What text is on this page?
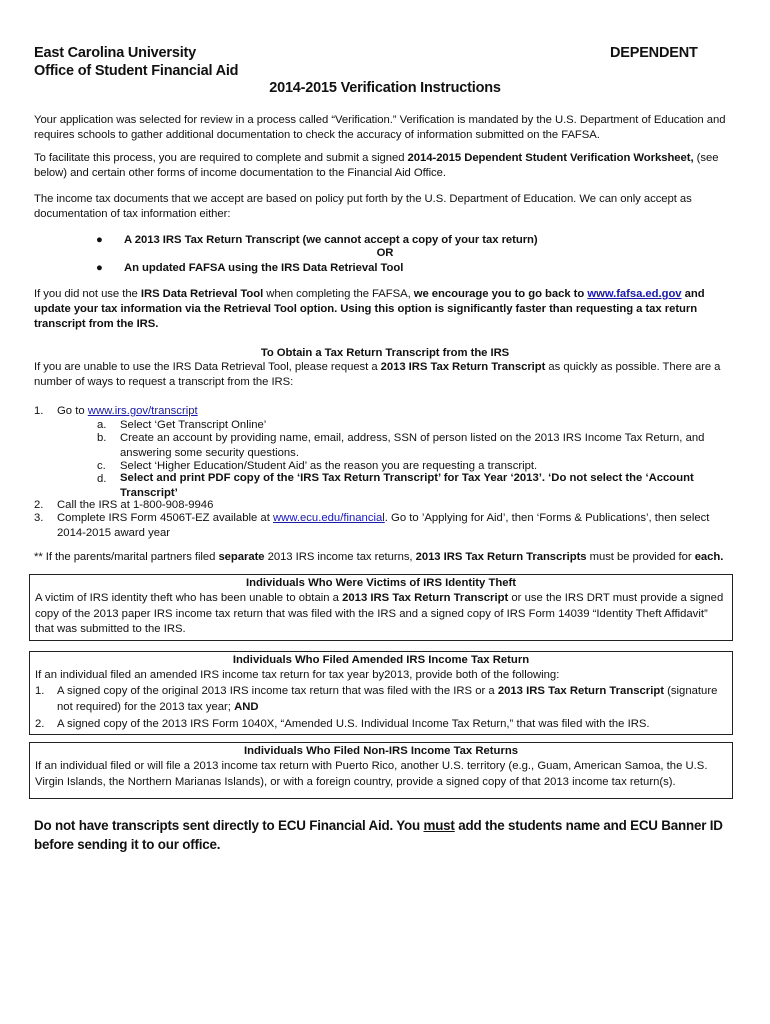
East Carolina University
Office of Student Financial Aid
DEPENDENT
2014-2015 Verification Instructions
Your application was selected for review in a process called “Verification.” Verification is mandated by the U.S. Department of Education and requires schools to gather additional documentation to check the accuracy of information submitted on the FAFSA.
To facilitate this process, you are required to complete and submit a signed 2014-2015 Dependent Student Verification Worksheet, (see below) and certain other forms of income documentation to the Financial Aid Office.
The income tax documents that we accept are based on policy put forth by the U.S. Department of Education. We can only accept as documentation of tax information either:
● A 2013 IRS Tax Return Transcript (we cannot accept a copy of your tax return)
OR
● An updated FAFSA using the IRS Data Retrieval Tool
If you did not use the IRS Data Retrieval Tool when completing the FAFSA, we encourage you to go back to www.fafsa.ed.gov and update your tax information via the Retrieval Tool option. Using this option is significantly faster than requesting a tax return transcript from the IRS.
To Obtain a Tax Return Transcript from the IRS
If you are unable to use the IRS Data Retrieval Tool, please request a 2013 IRS Tax Return Transcript as quickly as possible. There are a number of ways to request a transcript from the IRS:
1. Go to www.irs.gov/transcript
a. Select ‘Get Transcript Online’
b. Create an account by providing name, email, address, SSN of person listed on the 2013 IRS Income Tax Return, and answering some security questions.
c. Select ‘Higher Education/Student Aid’ as the reason you are requesting a transcript.
d. Select and print PDF copy of the ‘IRS Tax Return Transcript’ for Tax Year ‘2013’. ‘Do not select the ‘Account Transcript’
2. Call the IRS at 1-800-908-9946
3. Complete IRS Form 4506T-EZ available at www.ecu.edu/financial. Go to ’Applying for Aid’, then ‘Forms & Publications’, then select 2014-2015 award year
** If the parents/marital partners filed separate 2013 IRS income tax returns, 2013 IRS Tax Return Transcripts must be provided for each.
Individuals Who Were Victims of IRS Identity Theft
A victim of IRS identity theft who has been unable to obtain a 2013 IRS Tax Return Transcript or use the IRS DRT must provide a signed copy of the 2013 paper IRS income tax return that was filed with the IRS and a signed copy of IRS Form 14039 “Identity Theft Affidavit” that was submitted to the IRS.
Individuals Who Filed Amended IRS Income Tax Return
If an individual filed an amended IRS income tax return for tax year by2013, provide both of the following:
1. A signed copy of the original 2013 IRS income tax return that was filed with the IRS or a 2013 IRS Tax Return Transcript (signature not required) for the 2013 tax year; AND
2. A signed copy of the 2013 IRS Form 1040X, “Amended U.S. Individual Income Tax Return,” that was filed with the IRS.
Individuals Who Filed Non-IRS Income Tax Returns
If an individual filed or will file a 2013 income tax return with Puerto Rico, another U.S. territory (e.g., Guam, American Samoa, the U.S. Virgin Islands, the Northern Marianas Islands), or with a foreign country, provide a signed copy of that 2013 income tax return(s).
Do not have transcripts sent directly to ECU Financial Aid. You must add the students name and ECU Banner ID before sending it to our office.
